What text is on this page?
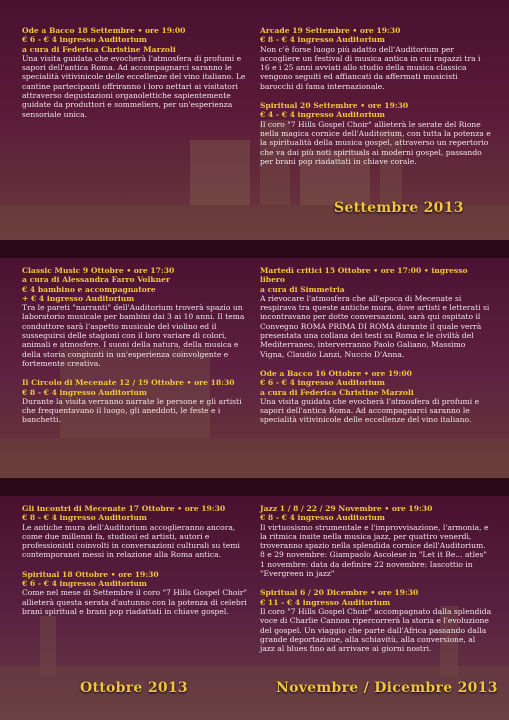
Ode a Bacco 18 Settembre • ore 19:00
€ 6 - € 4 ingresso Auditorium
a cura di Federica Christine Marzoli
Una visita guidata che evocherà l'atmosfera di profumi e sapori dell'antica Roma. Ad accompagnarci saranno le specialità vitivinicole delle eccellenze del vino italiano. Le cantine partecipanti offriranno i loro nettari ai visitatori attraverso degustazioni organolettiche sapientemente guidate da produttori e sommeliers, per un'esperienza sensoriale unica.
Arcade 19 Settembre • ore 19:30
€ 8 - € 4 ingresso Auditorium
Non c'è forse luogo più adatto dell'Auditorium per accogliere un festival di musica antica in cui ragazzi tra i 16 e i 25 anni avviati allo studio della musica classica vengono seguiti ed affiancati da affermati musicisti barocchi di fama internazionale.
Spiritual 20 Settembre • ore 19:30
€ 4 - € 4 ingresso Auditorium
Il coro "7 Hills Gospel Choir" allieterà le serate del Rione nella magica cornice dell'Auditorium, con tutta la potenza e la spiritualità della musica gospel, attraverso un repertorio che va dai più noti spirituals ai moderni gospel, passando per brani pop riadattati in chiave corale.
Settembre 2013
Classic Music 9 Ottobre • ore 17:30
a cura di Alessandra Farro Volkner
€ 4 bambino e accompagnatore
+ € 4 ingresso Auditorium
Tra le pareti "narranti" dell'Auditorium troverà spazio un laboratorio musicale per bambini dai 3 ai 10 anni. Il tema conduttore sarà l'aspetto musicale del violino ed il susseguirsi delle stagioni con il loro variare di colori, animali e atmosfere. I suoni della natura, della musica e della storia congiunti in un'esperienza coinvolgente e fortemente creativa.
Il Circolo di Mecenate 12 / 19 Ottobre • ore 18:30
€ 8 - € 4 ingresso Auditorium
Durante la visita verranno narrate le persone e gli artisti che frequentavano il luogo, gli aneddoti, le feste e i banchetti.
Martedì critici 15 Ottobre • ore 17:00 • ingresso libero
a cura di Simmetria
A rievocare l'atmosfera che all'epoca di Mecenate si respirava tra queste antiche mura, dove artisti e letterati si incontravano per dotte conversazioni, sarà qui ospitato il Convegno ROMA PRIMA DI ROMA durante il quale verrà presentata una collana dei testi su Roma e le civiltà del Mediterraneo, interverranno Paolo Galiano, Massimo Vigna, Claudio Lanzi, Nuccio D'Anna.
Ode a Bacco 16 Ottobre • ore 19:00
€ 6 - € 4 ingresso Auditorium
a cura di Federica Christine Marzoli
Una visita guidata che evocherà l'atmosfera di profumi e sapori dell'antica Roma. Ad accompagnarci saranno le specialità vitivinicole delle eccellenze del vino italiano.
Gli incontri di Mecenate 17 Ottobre • ore 19:30
€ 8 - € 4 ingresso Auditorium
Le antiche mura dell'Auditorium accoglieranno ancora, come due millenni fa, studiosi ed artisti, autori e professionisti coinvolti in conversazioni culturali su temi contemporanei messi in relazione alla Roma antica.
Spiritual 18 Ottobre • ore 19:30
€ 6 - € 4 ingresso Auditorium
Come nel mese di Settembre il coro "7 Hills Gospel Choir" allieterà questa serata d'autunno con la potenza di celebri brani spiritual e brani pop riadattati in chiave gospel.
Jazz 1 / 8 / 22 / 29 Novembre • ore 19:30
€ 8 - € 4 ingresso Auditorium
Il virtuosismo strumentale e l'improvvisazione, l'armonia, e la ritmica insite nella musica jazz, per quattro venerdì, troveranno spazio nella splendida cornice dell'Auditorium. 8 e 29 novembre: Giampaolo Ascolese in "Let it Be... atles" 1 novembre: data da definire 22 novembre: Iascottio in "Evergreen in jazz"
Spiritual 6 / 20 Dicembre • ore 19:30
€ 11 - € 4 ingresso Auditorium
Il coro "7 Hills Gospel Choir" accompagnato dalla splendida voce di Charlie Cannon ripercorrerà la storia e l'evoluzione del gospel. Un viaggio che parte dall'Africa passando dalla grande deportazione, alla schiavitù, alla conversione, al jazz al blues fino ad arrivare ai giorni nostri.
Ottobre 2013	Novembre / Dicembre 2013
